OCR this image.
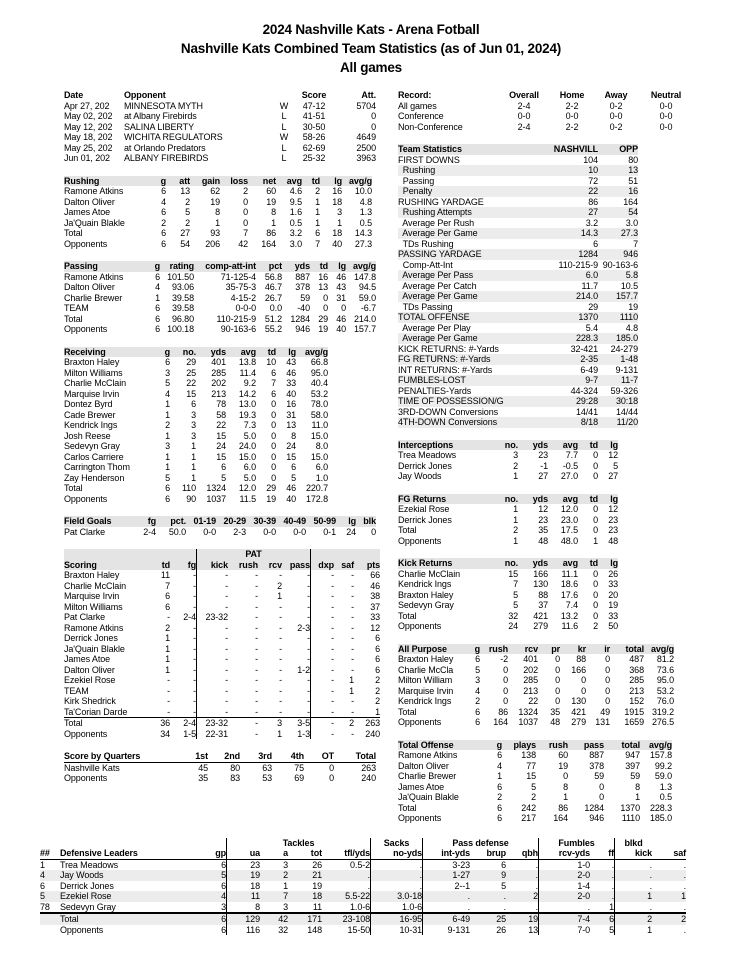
2024 Nashville Kats - Arena Fotball
Nashville Kats Combined Team Statistics (as of Jun 01, 2024)
All games
Date	Opponent		Score	Att.
Apr 27, 202	MINNESOTA MYTH	W	47-12	5704
May 02, 202	at Albany Firebirds	L	41-51	0
May 12, 202	SALINA LIBERTY	L	30-50	0
May 18, 202	WICHITA REGULATORS	W	58-26	4649
May 25, 202	at Orlando Predators	L	62-69	2500
Jun 01, 202	ALBANY FIREBIRDS	L	25-32	3963
Rushing	g	att	gain	loss	net	avg	td	lg	avg/g
Ramone Atkins	6	13	62	2	60	4.6	2	16	10.0
Dalton Oliver	4	2	19	0	19	9.5	1	18	4.8
James Atoe	6	5	8	0	8	1.6	1	3	1.3
Ja'Quain Blakle	2	2	1	0	1	0.5	1	1	0.5
Total	6	27	93	7	86	3.2	6	18	14.3
Opponents	6	54	206	42	164	3.0	7	40	27.3
Passing	g	rating	comp-att-int	pct	yds	td	lg	avg/g
Ramone Atkins	6	101.50	71-125-4	56.8	887	16	46	147.8
Dalton Oliver	4	93.06	35-75-3	46.7	378	13	43	94.5
Charlie Brewer	1	39.58	4-15-2	26.7	59	0	31	59.0
TEAM	6	39.58	0-0-0	0.0	-40	0	0	-6.7
Total	6	96.80	110-215-9	51.2	1284	29	46	214.0
Opponents	6	100.18	90-163-6	55.2	946	19	40	157.7
Receiving	g	no.	yds	avg	td	lg	avg/g
Braxton Haley	6	29	401	13.8	10	43	66.8
Milton Williams	3	25	285	11.4	6	46	95.0
Charlie McClain	5	22	202	9.2	7	33	40.4
Marquise Irvin	4	15	213	14.2	6	40	53.2
Dontez Byrd	1	6	78	13.0	0	16	78.0
Cade Brewer	1	3	58	19.3	0	31	58.0
Kendrick Ings	2	3	22	7.3	0	13	11.0
Josh Reese	1	3	15	5.0	0	8	15.0
Sedevyn Gray	3	1	24	24.0	0	24	8.0
Carlos Carriere	1	1	15	15.0	0	15	15.0
Carrington Thom	1	1	6	6.0	0	6	6.0
Zay Henderson	5	1	5	5.0	0	5	1.0
Total	6	110	1324	12.0	29	46	220.7
Opponents	6	90	1037	11.5	19	40	172.8
Field Goals	fg	pct.	01-19	20-29	30-39	40-49	50-99	lg	blk
Pat Clarke	2-4	50.0	0-0	2-3	0-0	0-0	0-1	24	0
			PAT						
Scoring	td	fg	kick	rush	rcv	pass	dxp	saf	pts
Braxton Haley	11	-	-	-	-	-	-	-	66
Charlie McClain	7	-	-	-	2	-	-	-	46
Marquise Irvin	6	-	-	-	1	-	-	-	38
Milton Williams	6	-	-	-	-	-	-	-	37
Pat Clarke	-	2-4	23-32	-	-	-	-	-	33
Ramone Atkins	2	-	-	-	-	2-3	-	-	12
Derrick Jones	1	-	-	-	-	-	-	-	6
Ja'Quain Blakle	1	-	-	-	-	-	-	-	6
James Atoe	1	-	-	-	-	-	-	-	6
Dalton Oliver	1	-	-	-	-	1-2	-	-	6
Ezekiel Rose	-	-	-	-	-	-	-	1	2
TEAM	-	-	-	-	-	-	-	1	2
Kirk Shedrick	-	-	-	-	-	-	-	-	2
Ta'Corian Darde	-	-	-	-	-	-	-	-	1
Total	36	2-4	23-32	-	3	3-5	-	2	263
Opponents	34	1-5	22-31	-	1	1-3	-	-	240
Score by Quarters	1st	2nd	3rd	4th	OT	Total
Nashville Kats	45	80	63	75	0	263
Opponents	35	83	53	69	0	240
Record:	Overall	Home	Away	Neutral
All games	2-4	2-2	0-2	0-0
Conference	0-0	0-0	0-0	0-0
Non-Conference	2-4	2-2	0-2	0-0
Team Statistics	NASHVILL	OPP
FIRST DOWNS	104	80
Rushing	10	13
Passing	72	51
Penalty	22	16
RUSHING YARDAGE	86	164
Rushing Attempts	27	54
Average Per Rush	3.2	3.0
Average Per Game	14.3	27.3
TDs Rushing	6	7
PASSING YARDAGE	1284	946
Comp-Att-Int	110-215-9	90-163-6
Average Per Pass	6.0	5.8
Average Per Catch	11.7	10.5
Average Per Game	214.0	157.7
TDs Passing	29	19
TOTAL OFFENSE	1370	1110
Average Per Play	5.4	4.8
Average Per Game	228.3	185.0
KICK RETURNS: #-Yards	32-421	24-279
FG RETURNS: #-Yards	2-35	1-48
INT RETURNS: #-Yards	6-49	9-131
FUMBLES-LOST	9-7	11-7
PENALTIES-Yards	44-324	59-326
TIME OF POSSESSION/G	29:28	30:18
3RD-DOWN Conversions	14/41	14/44
4TH-DOWN Conversions	8/18	11/20
Interceptions	no.	yds	avg	td	lg
Trea Meadows	3	23	7.7	0	12
Derrick Jones	2	-1	-0.5	0	5
Jay Woods	1	27	27.0	0	27
FG Returns	no.	yds	avg	td	lg
Ezekial Rose	1	12	12.0	0	12
Derrick Jones	1	23	23.0	0	23
Total	2	35	17.5	0	23
Opponents	1	48	48.0	1	48
Kick Returns	no.	yds	avg	td	lg
Charlie McClain	15	166	11.1	0	26
Kendrick Ings	7	130	18.6	0	33
Braxton Haley	5	88	17.6	0	20
Sedevyn Gray	5	37	7.4	0	19
Total	32	421	13.2	0	33
Opponents	24	279	11.6	2	50
All Purpose	g	rush	rcv	pr	kr	ir	total	avg/g
Braxton Haley	6	-2	401	0	88	0	487	81.2
Charlie McCla	5	0	202	0	166	0	368	73.6
Milton William	3	0	285	0	0	0	285	95.0
Marquise Irvin	4	0	213	0	0	0	213	53.2
Kendrick Ings	2	0	22	0	130	0	152	76.0
Total	6	86	1324	35	421	49	1915	319.2
Opponents	6	164	1037	48	279	131	1659	276.5
Total Offense	g	plays	rush	pass	total	avg/g
Ramone Atkins	6	138	60	887	947	157.8
Dalton Oliver	4	77	19	378	397	99.2
Charlie Brewer	1	15	0	59	59	59.0
James Atoe	6	5	8	0	8	1.3
Ja'Quain Blakle	2	2	1	0	1	0.5
Total	6	242	86	1284	1370	228.3
Opponents	6	217	164	946	1110	185.0
			Tackles				Sacks	Pass defense			Fumbles		blkd	
##	Defensive Leaders	gp	ua	a	tot	tfl/yds	no-yds	int-yds	brup	qbh	rcv-yds	ff	kick	saf
1	Trea Meadows	6	23	3	26	0.5-2	.	3-23	6	.	1-0	.	.	.
4	Jay Woods	5	19	2	21	.	.	1-27	9	.	2-0	.	.	.
6	Derrick Jones	6	18	1	19	.	.	2--1	5	.	1-4	.	.	.
5	Ezekiel Rose	4	11	7	18	5.5-22	3.0-18	.	.	2	2-0	.	1	1
78	Sedevyn Gray	3	8	3	11	1.0-6	1.0-6	.	.	.	.	1	.	.
	Total	6	129	42	171	23-108	16-95	6-49	25	19	7-4	6	2	2
	Opponents	6	116	32	148	15-50	10-31	9-131	26	13	7-0	5	1	.
